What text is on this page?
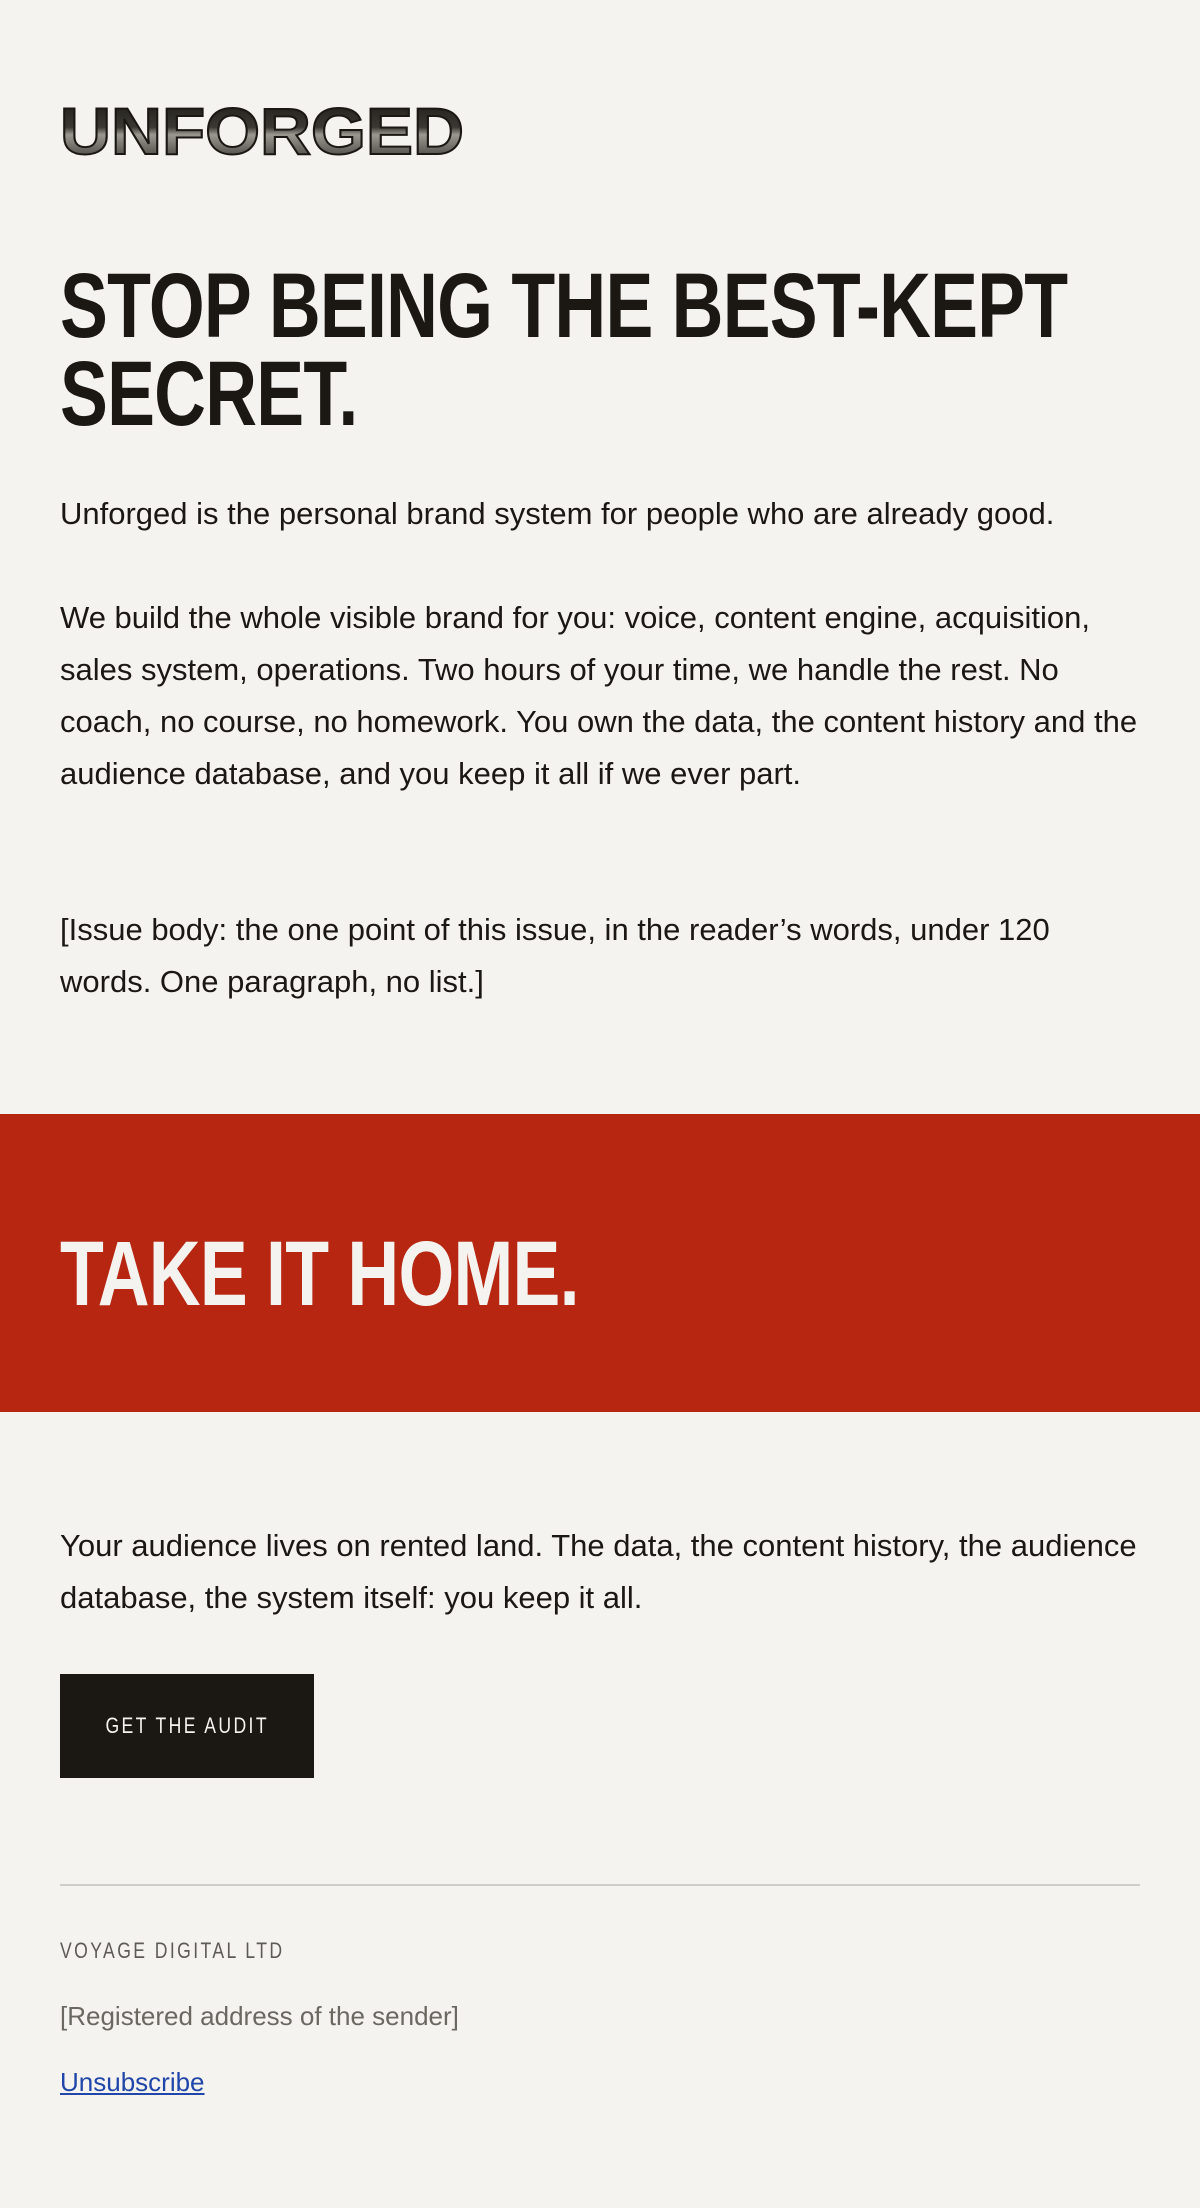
UNFORGED
STOP BEING THE BEST-KEPT
SECRET.

Unforged is the personal brand system for people who are already good.

We build the whole visible brand for you: voice, content engine, acquisition, sales system, operations. Two hours of your time, we handle the rest. No coach, no course, no homework. You own the data, the content history and the audience database, and you keep it all if we ever part.

[Issue body: the one point of this issue, in the reader’s words, under 120 words. One paragraph, no list.]

TAKE IT HOME.

Your audience lives on rented land. The data, the content history, the audience database, the system itself: you keep it all.

GET THE AUDIT
VOYAGE DIGITAL LTD
[Registered address of the sender]
Unsubscribe
